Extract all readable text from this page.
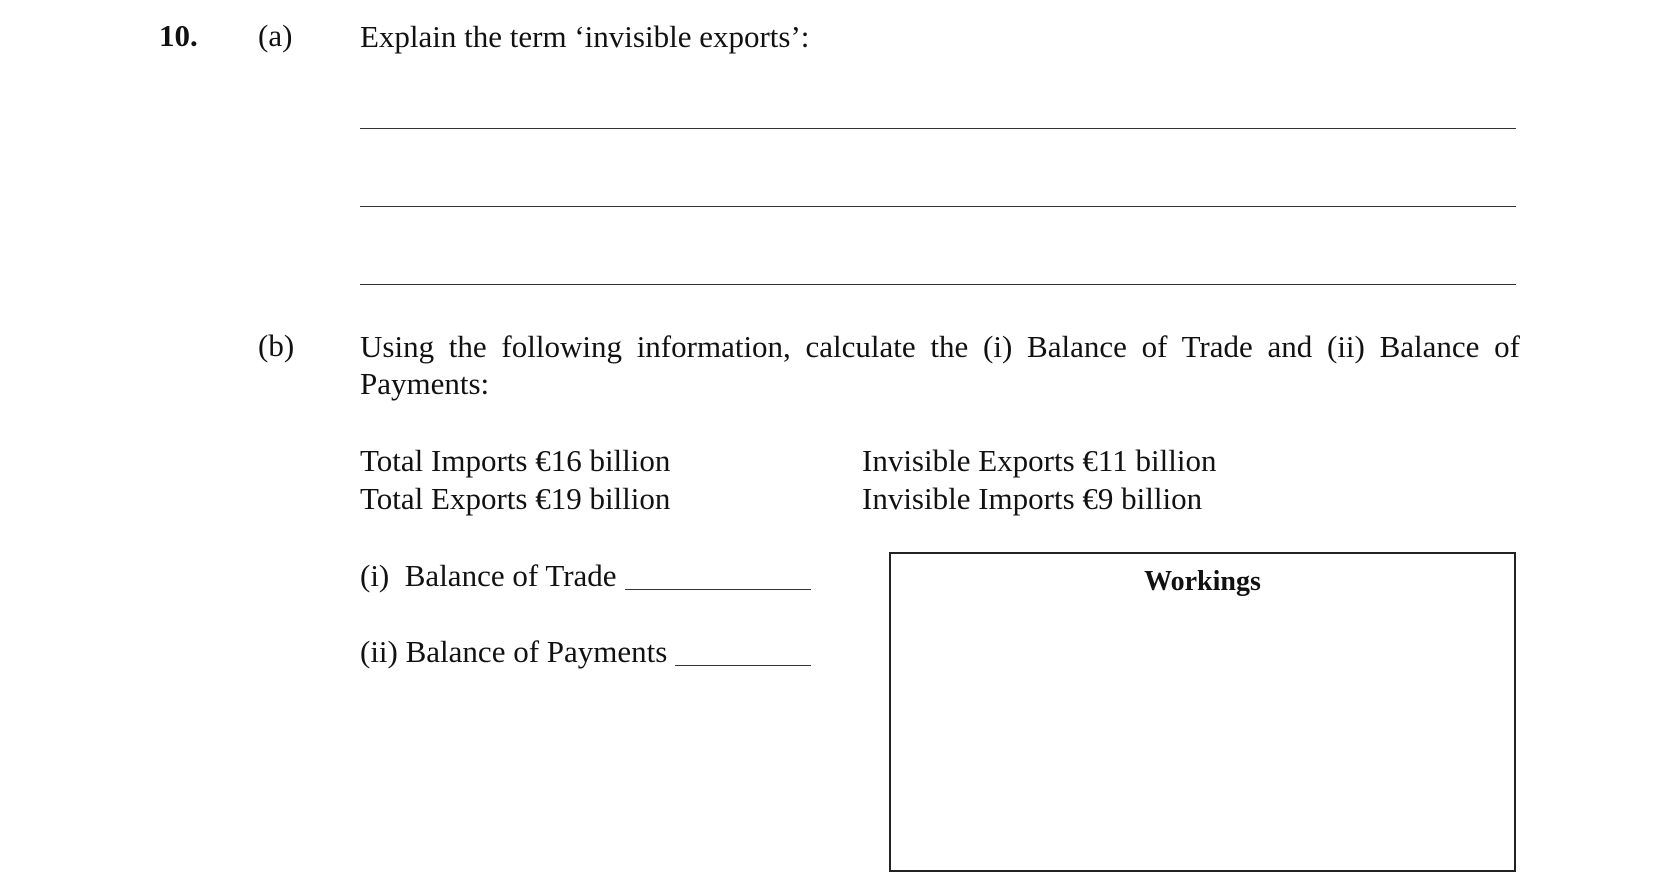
10. (a) Explain the term ‘invisible exports’:
(b) Using the following information, calculate the (i) Balance of Trade and (ii) Balance of
Payments:
Total Imports €16 billion
Total Exports €19 billion
Invisible Exports €11 billion
Invisible Imports €9 billion
(i)  Balance of Trade
(ii) Balance of Payments
Workings
